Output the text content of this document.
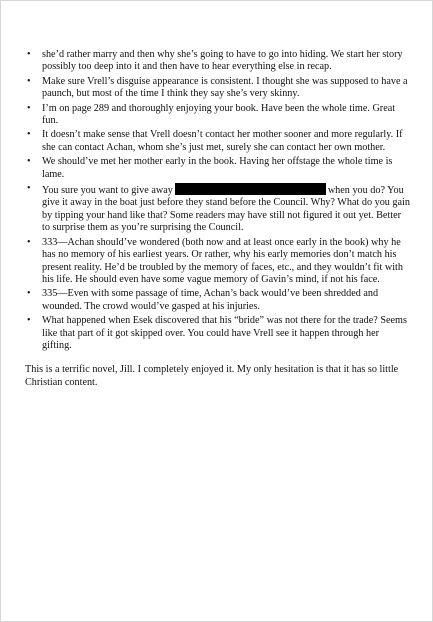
• she’d rather marry and then why she’s going to have to go into hiding. We start her story possibly too deep into it and then have to hear everything else in recap.
• Make sure Vrell’s disguise appearance is consistent. I thought she was supposed to have a paunch, but most of the time I think they say she’s very skinny.
• I’m on page 289 and thoroughly enjoying your book. Have been the whole time. Great fun.
• It doesn’t make sense that Vrell doesn’t contact her mother sooner and more regularly. If she can contact Achan, whom she’s just met, surely she can contact her own mother.
• We should’ve met her mother early in the book. Having her offstage the whole time is lame.
• You sure you want to give away	when you do? You give it away in the boat just before they stand before the Council. Why? What do you gain by tipping your hand like that? Some readers may have still not figured it out yet. Better to surprise them as you’re surprising the Council.
• 333—Achan should’ve wondered (both now and at least once early in the book) why he has no memory of his earliest years. Or rather, why his early memories don’t match his present reality. He’d be troubled by the memory of faces, etc., and they wouldn’t fit with his life. He should even have some vague memory of Gavin’s mind, if not his face.
• 335—Even with some passage of time, Achan’s back would’ve been shredded and wounded. The crowd would’ve gasped at his injuries.
• What happened when Esek discovered that his “bride” was not there for the trade? Seems like that part of it got skipped over. You could have Vrell see it happen through her gifting.

This is a terrific novel, Jill. I completely enjoyed it. My only hesitation is that it has so little Christian content.
